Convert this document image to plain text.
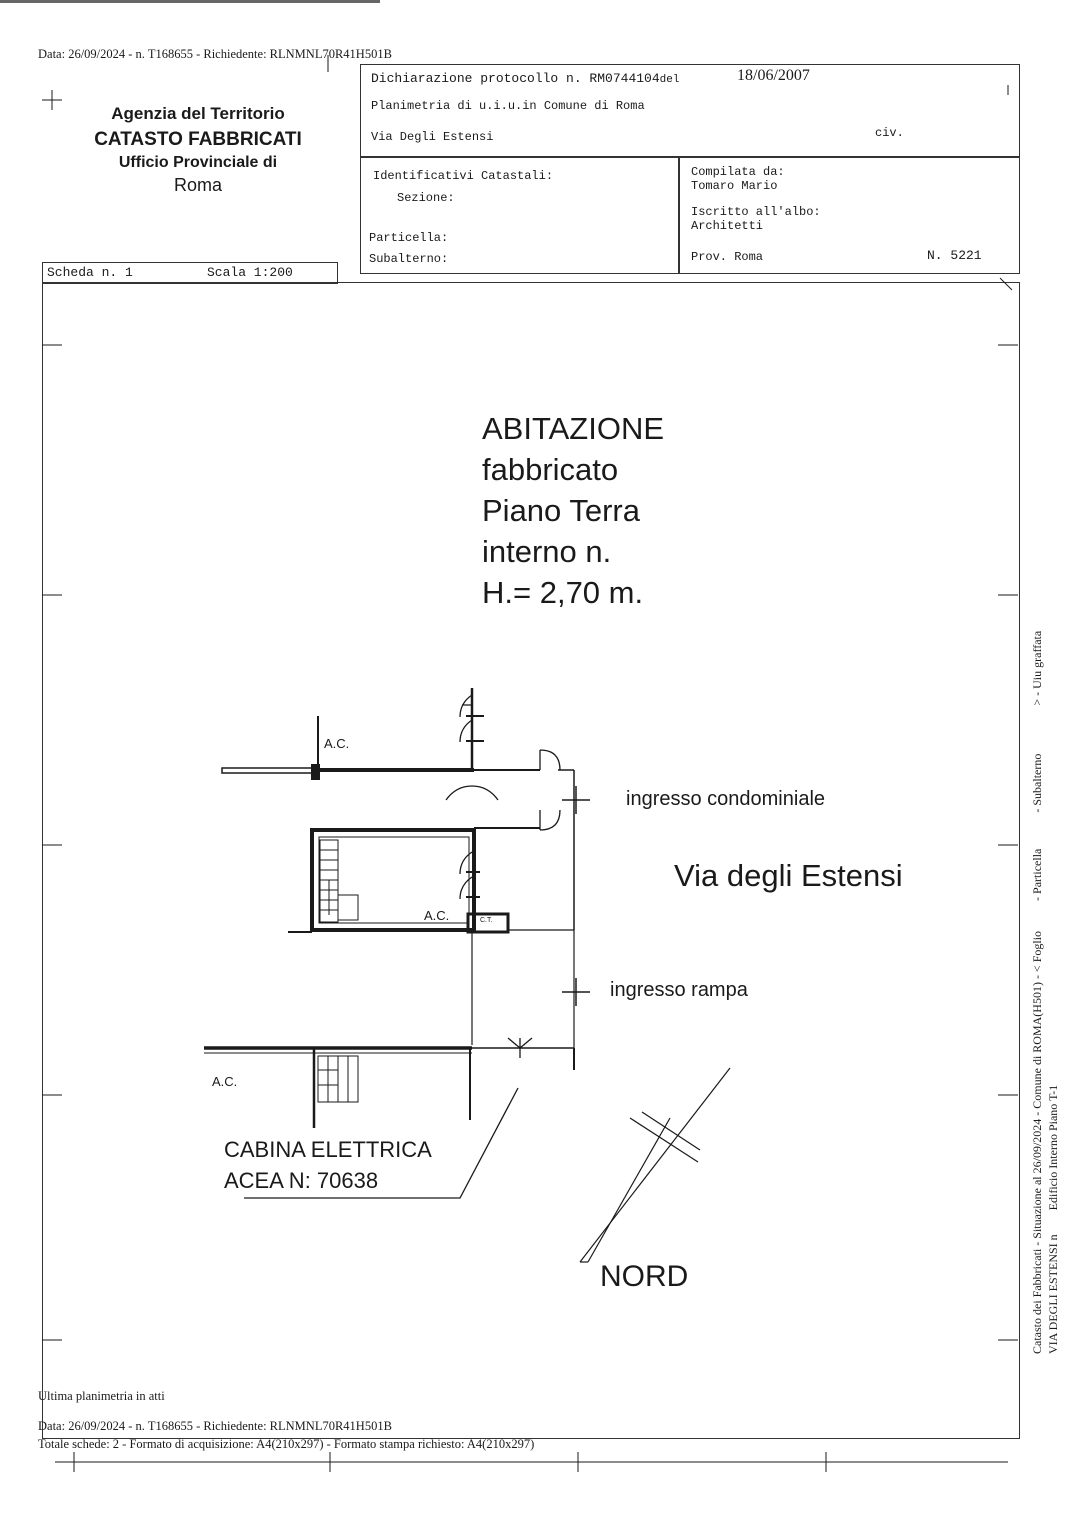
Data: 26/09/2024 - n. T168655 - Richiedente: RLNMNL70R41H501B
Agenzia del Territorio
CATASTO FABBRICATI
Ufficio Provinciale di
Roma
Scheda n. 1	Scala 1:200
Dichiarazione protocollo n. RM0744104del	18/06/2007
Planimetria di u.i.u.in Comune di Roma
Via Degli Estensi	civ.
Identificativi Catastali:
Sezione:
Particella:
Subalterno:
Compilata da:
Tomaro Mario
Iscritto all'albo:
Architetti
Prov. Roma	N. 5221
ABITAZIONE
fabbricato
Piano Terra
interno n.
H.= 2,70 m.
A.C.
A.C.
A.C.
C.T.
ingresso condominiale
ingresso rampa
Via degli Estensi
CABINA ELETTRICA
ACEA N: 70638
NORD	Catasto dei Fabbricati - Situazione al 26/09/2024 - Comune di ROMA(H501) - < Foglio          - Particella            - Subalterno                > - Uiu graffata
VIA DEGLI ESTENSI n        Edificio Interno Piano T-1
Ultima planimetria in atti
Data: 26/09/2024 - n. T168655 - Richiedente: RLNMNL70R41H501B
Totale schede: 2 - Formato di acquisizione: A4(210x297) - Formato stampa richiesto: A4(210x297)
